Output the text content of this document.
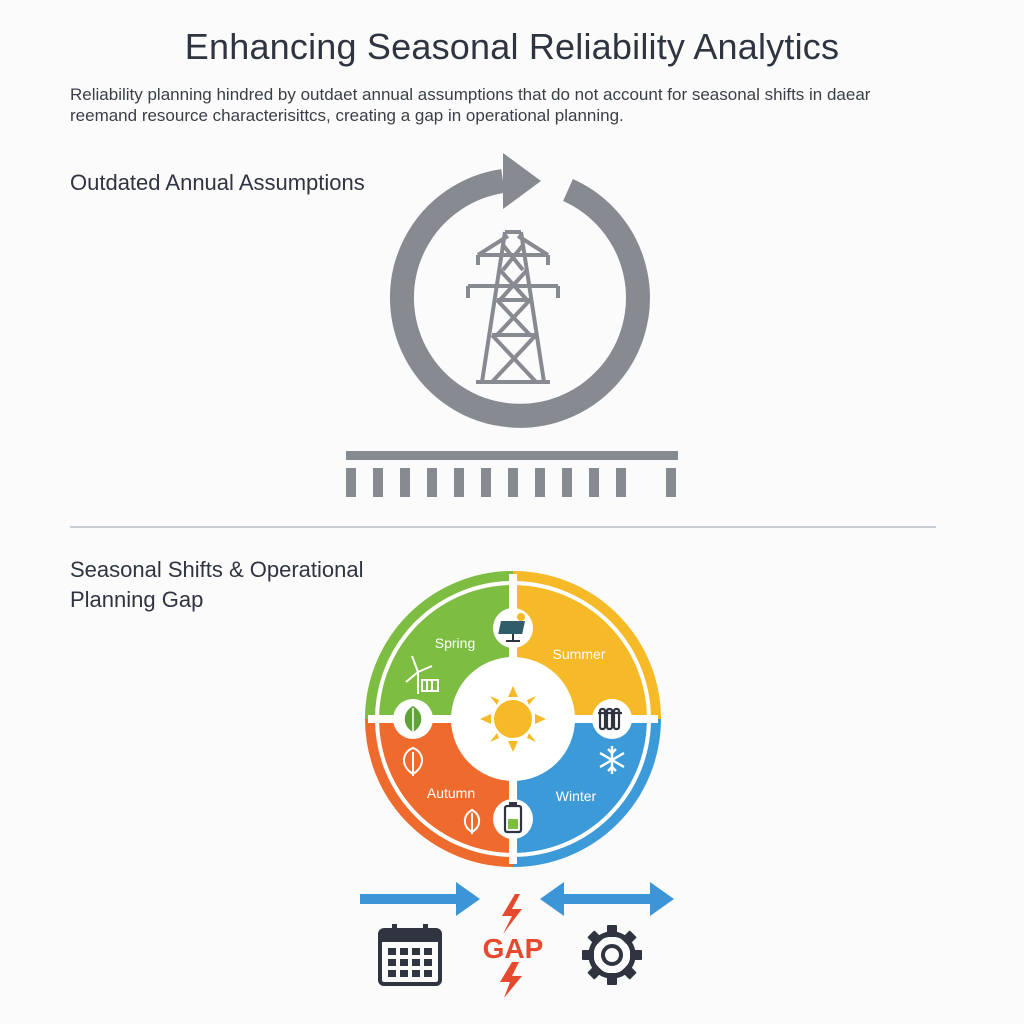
Enhancing Seasonal Reliability Analytics
Reliability planning hindred by outdaet annual assumptions that do not account for seasonal shifts in daear
reemand resource characterisittcs, creating a gap in operational planning.
Outdated Annual Assumptions
Seasonal Shifts & Operational
Planning Gap
Spring
Summer
Autumn	Winter
GAP
